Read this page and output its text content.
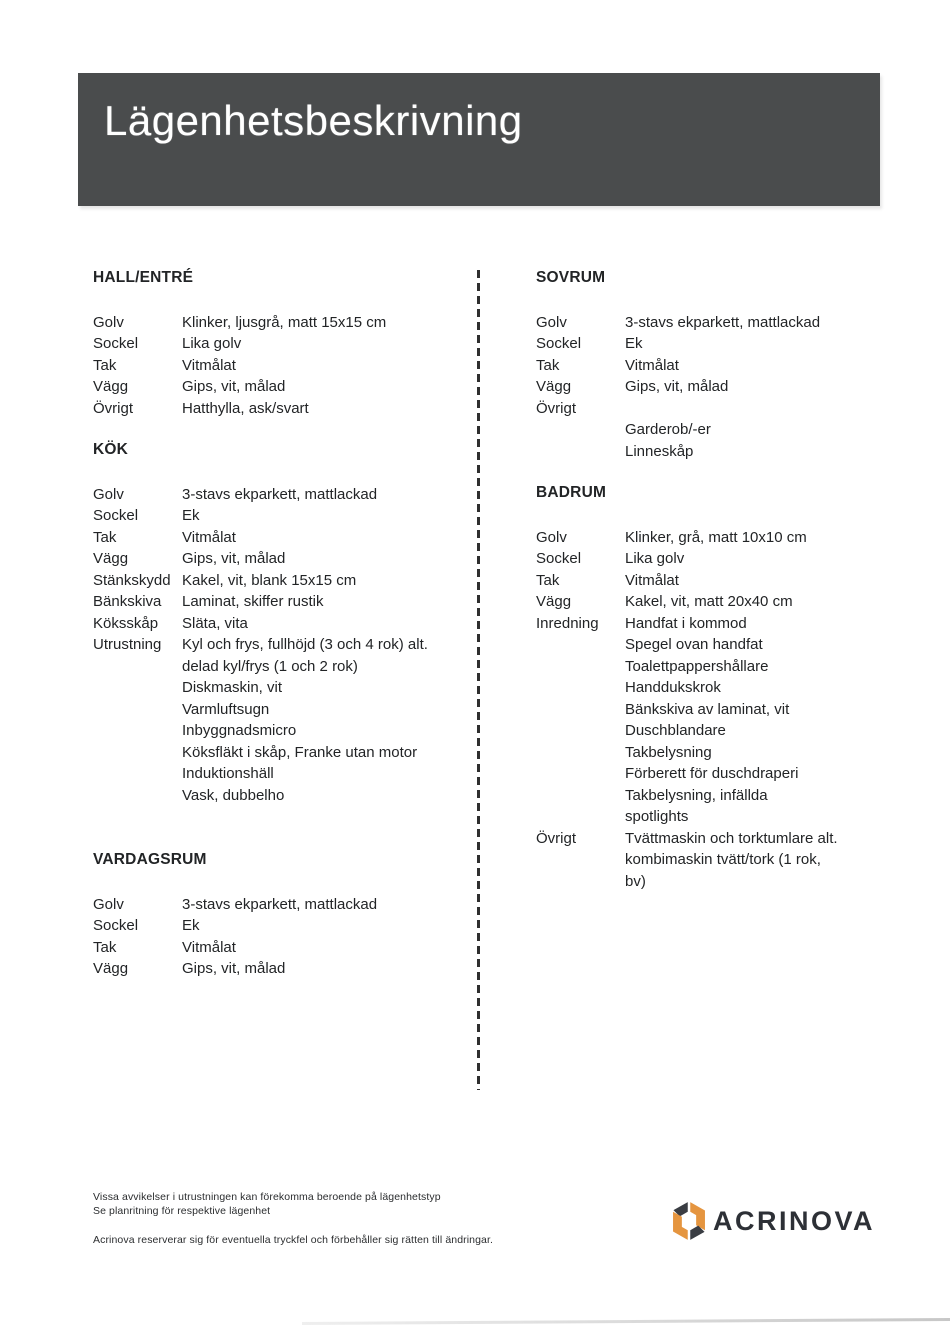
Lägenhetsbeskrivning
HALL/ENTRÉ
Golv	Klinker, ljusgrå, matt 15x15 cm
Sockel	Lika golv
Tak	Vitmålat
Vägg	Gips, vit, målad
Övrigt	Hatthylla, ask/svart
KÖK
Golv	3-stavs ekparkett, mattlackad
Sockel	Ek
Tak	Vitmålat
Vägg	Gips, vit, målad
Stänkskydd Kakel, vit, blank 15x15 cm
Bänkskiva	Laminat, skiffer rustik
Köksskåp	Släta, vita
Utrustning	Kyl och frys, fullhöjd (3 och 4 rok) alt.
delad kyl/frys (1 och 2 rok)
Diskmaskin, vit
Varmluftsugn
Inbyggnadsmicro
Köksfläkt i skåp, Franke utan motor
Induktionshäll
Vask, dubbelho
VARDAGSRUM
Golv	3-stavs ekparkett, mattlackad
Sockel	Ek
Tak	Vitmålat
Vägg	Gips, vit, målad
SOVRUM
Golv	3-stavs ekparkett, mattlackad
Sockel	Ek
Tak	Vitmålat
Vägg	Gips, vit, målad
Övrigt

Garderob/-er
Linneskåp
BADRUM
Golv	Klinker, grå, matt 10x10 cm
Sockel	Lika golv
Tak	Vitmålat
Vägg	Kakel, vit, matt 20x40 cm
Inredning	Handfat i kommod
Spegel ovan handfat
Toalettpappershållare
Handdukskrok
Bänkskiva av laminat, vit
Duschblandare
Takbelysning
Förberett för duschdraperi
Takbelysning, infällda
spotlights
Övrigt	Tvättmaskin och torktumlare alt.
kombimaskin tvätt/tork (1 rok,
bv)
Vissa avvikelser i utrustningen kan förekomma beroende på lägenhetstyp
Se planritning för respektive lägenhet
Acrinova reserverar sig för eventuella tryckfel och förbehåller sig rätten till ändringar.
ACRINOVA
